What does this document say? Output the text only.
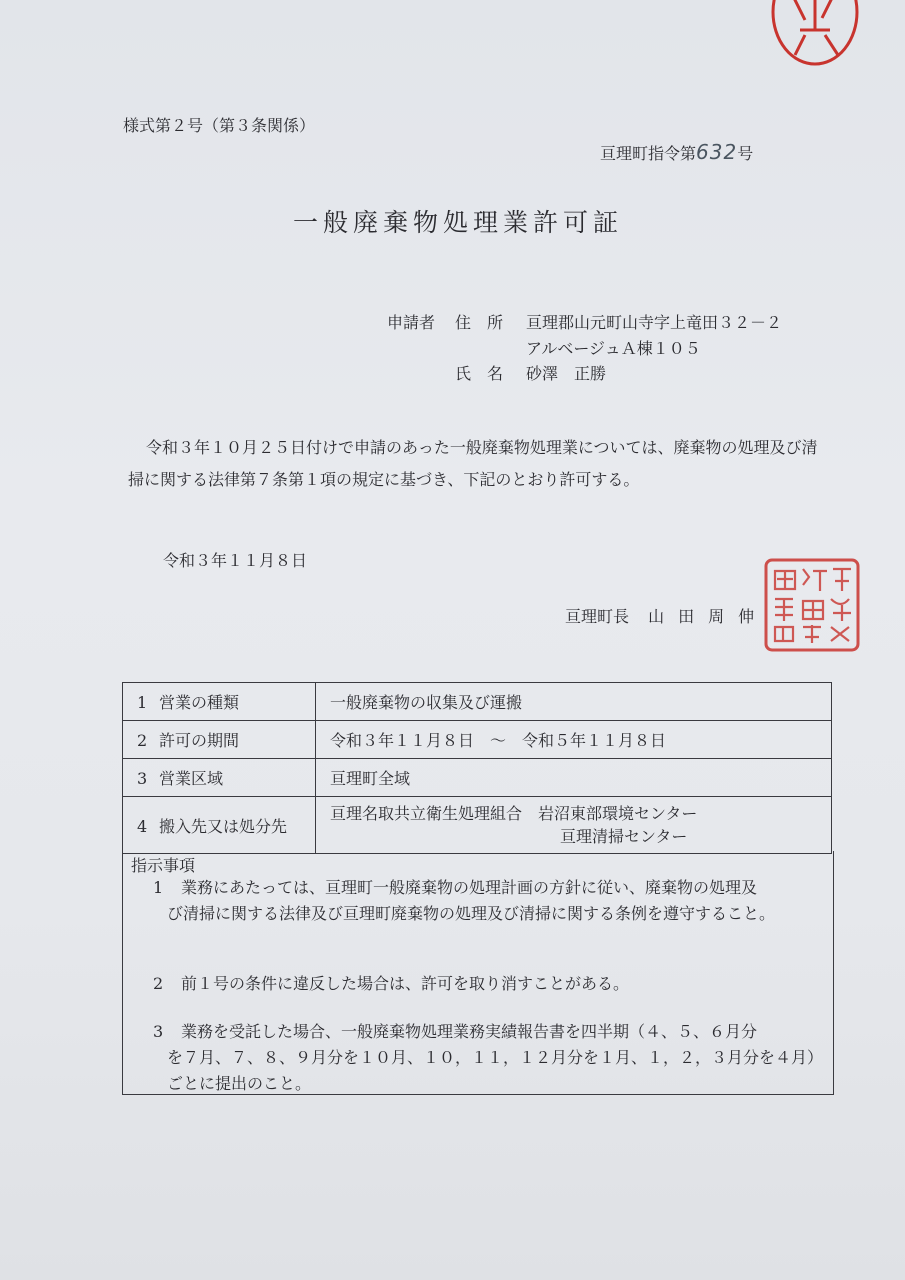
様式第２号（第３条関係）
亘理町指令第632号
一般廃棄物処理業許可証
申請者 住　所 亘理郡山元町山寺字上竜田３２－２
アルベージュＡ棟１０５
氏　名 砂澤　正勝
令和３年１０月２５日付けで申請のあった一般廃棄物処理業については、廃棄物の処理及び清掃に関する法律第７条第１項の規定に基づき、下記のとおり許可する。
令和３年１１月８日
亘理町長 山 田 周 伸
1 営業の種類	一般廃棄物の収集及び運搬
2 許可の期間	令和３年１１月８日　～　令和５年１１月８日
3 営業区域	亘理町全域
4 搬入先又は処分先	亘理名取共立衛生処理組合　岩沼東部環境センター
亘理清掃センター
指示事項
1 業務にあたっては、亘理町一般廃棄物の処理計画の方針に従い、廃棄物の処理及
び清掃に関する法律及び亘理町廃棄物の処理及び清掃に関する条例を遵守すること。
2 前１号の条件に違反した場合は、許可を取り消すことがある。
3 業務を受託した場合、一般廃棄物処理業務実績報告書を四半期（４、５、６月分
を７月、７、８、９月分を１０月、１０，１１，１２月分を１月、１，２，３月分を４月）ごとに提出のこと。
